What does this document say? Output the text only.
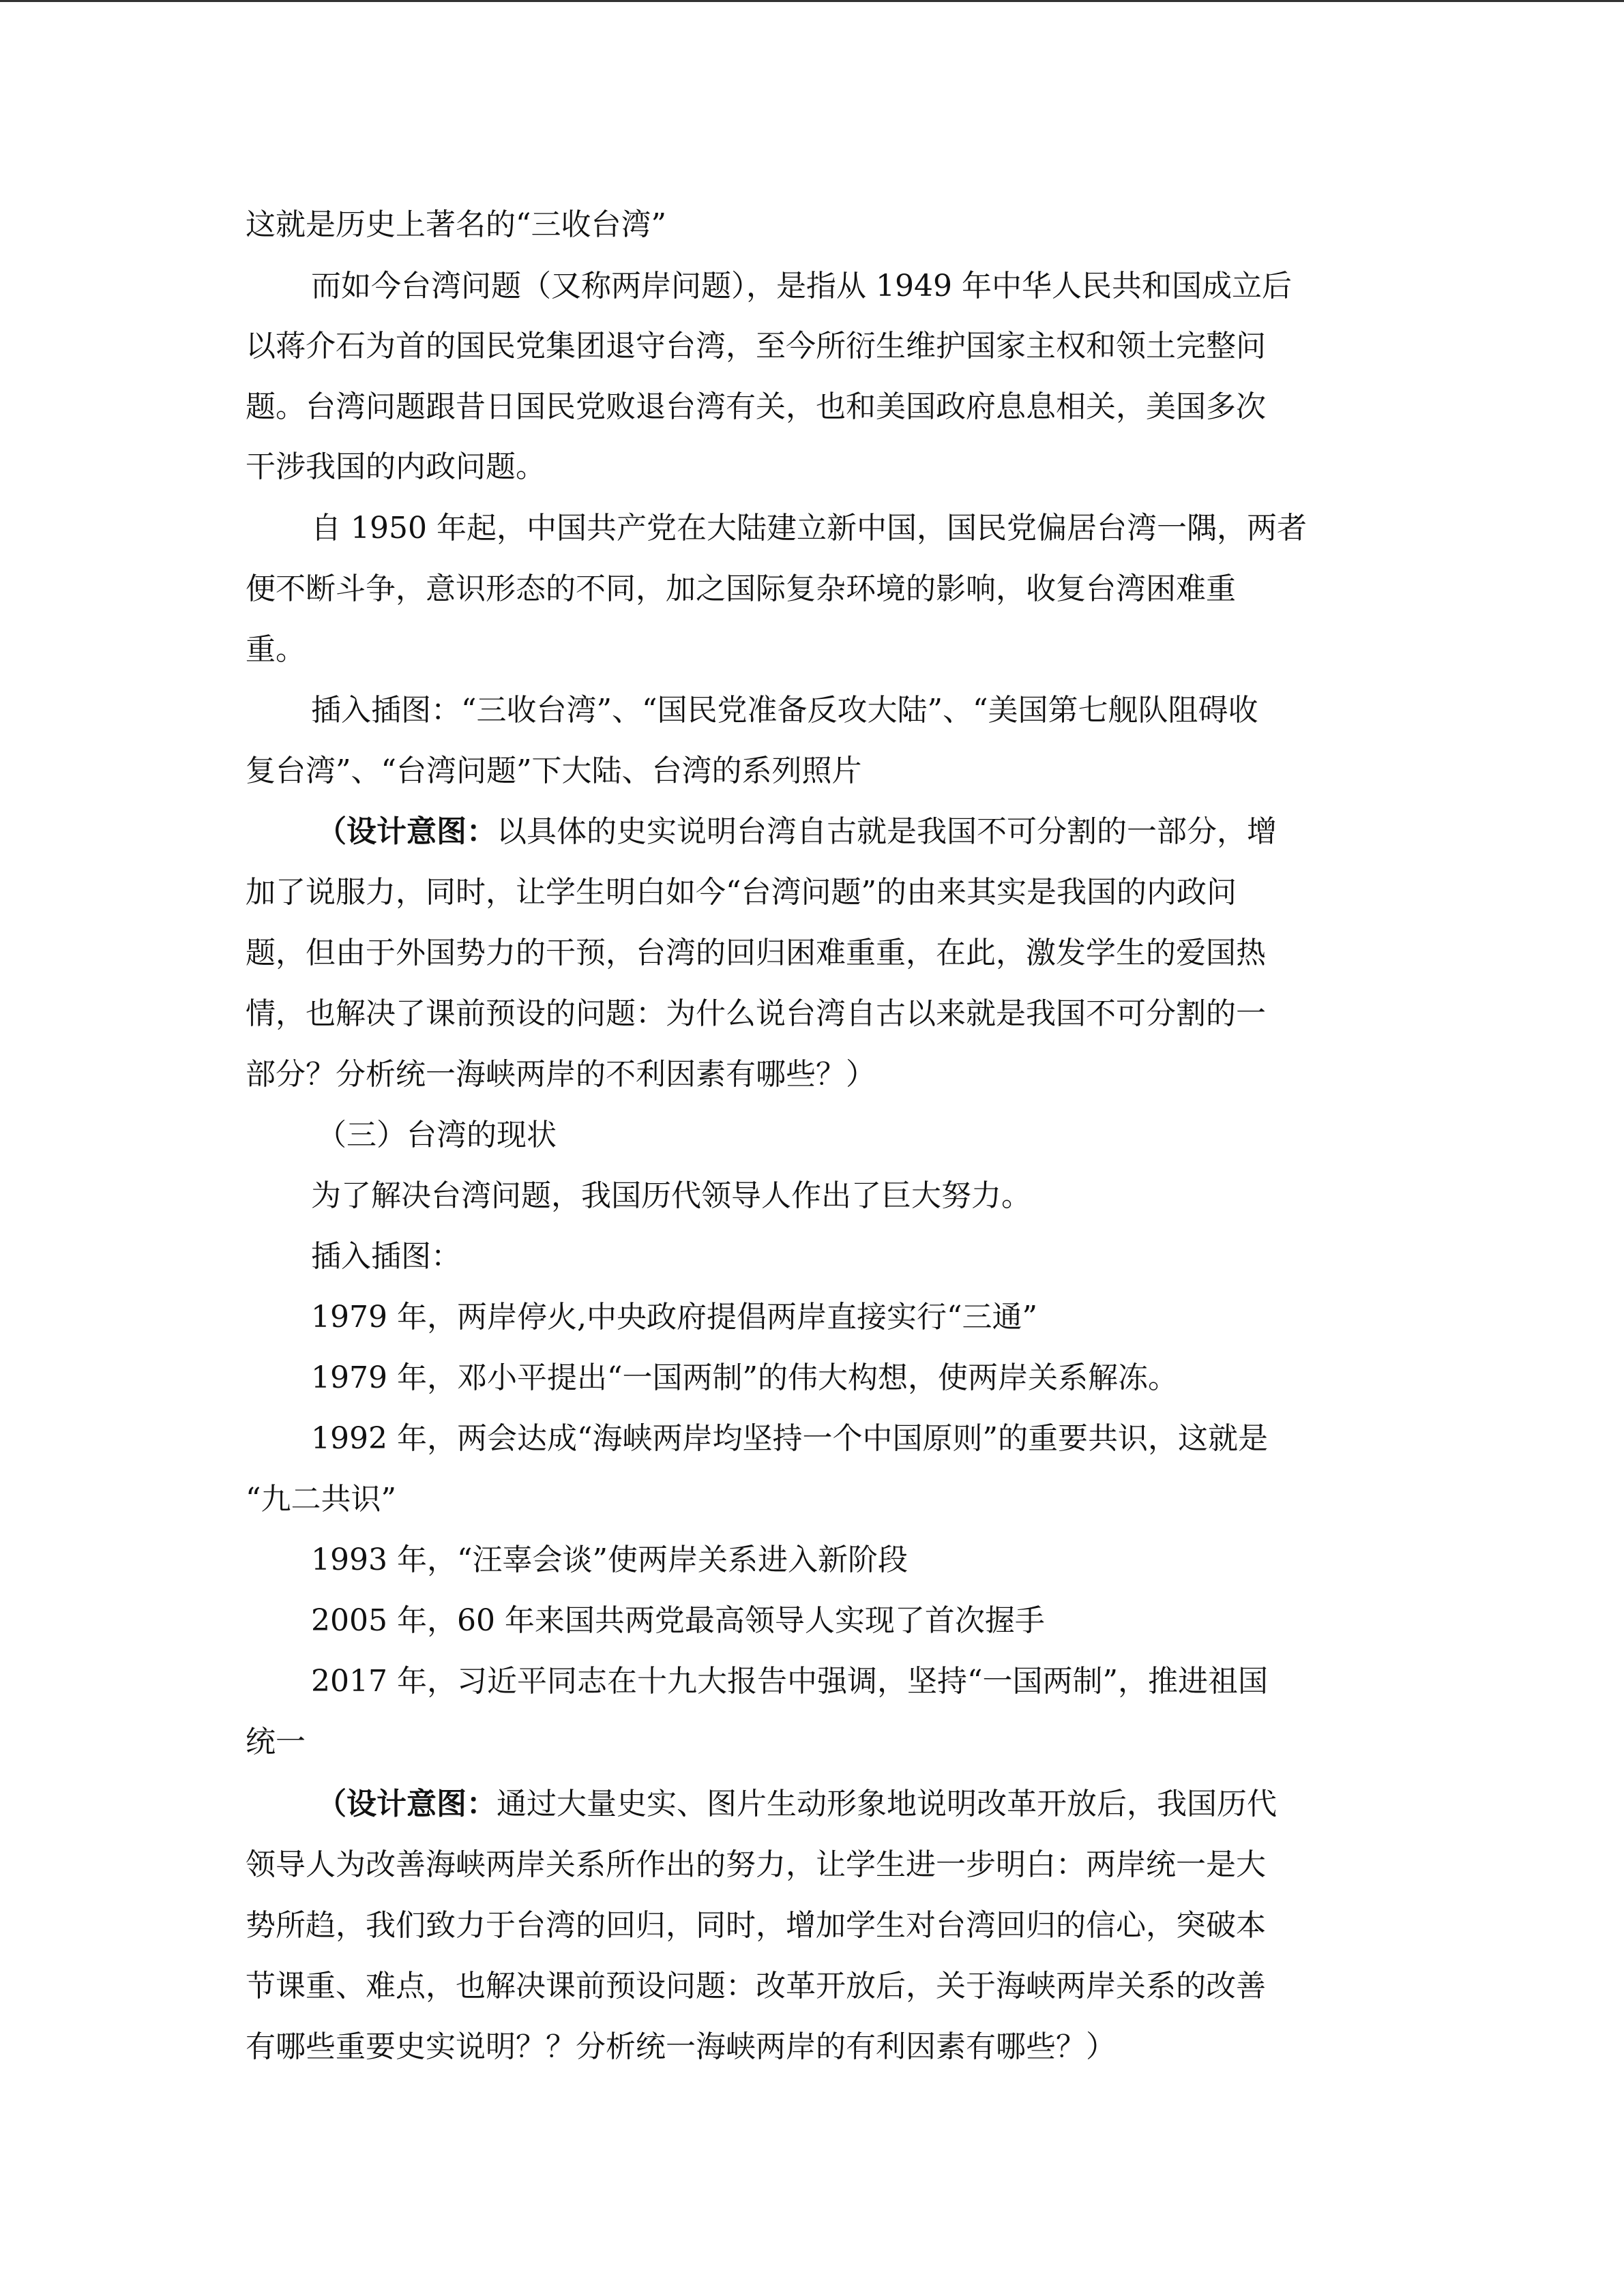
这就是历史上著名的“三收台湾”
而如今台湾问题（又称两岸问题），是指从 1949 年中华人民共和国成立后
以蒋介石为首的国民党集团退守台湾，至今所衍生维护国家主权和领土完整问
题。台湾问题跟昔日国民党败退台湾有关，也和美国政府息息相关，美国多次
干涉我国的内政问题。
自 1950 年起，中国共产党在大陆建立新中国，国民党偏居台湾一隅，两者
便不断斗争，意识形态的不同，加之国际复杂环境的影响，收复台湾困难重
重。
插入插图：“三收台湾”、“国民党准备反攻大陆”、“美国第七舰队阻碍收
复台湾”、“台湾问题”下大陆、台湾的系列照片
（设计意图：以具体的史实说明台湾自古就是我国不可分割的一部分，增
加了说服力，同时，让学生明白如今“台湾问题”的由来其实是我国的内政问
题，但由于外国势力的干预，台湾的回归困难重重，在此，激发学生的爱国热
情，也解决了课前预设的问题：为什么说台湾自古以来就是我国不可分割的一
部分？分析统一海峡两岸的不利因素有哪些？）
（三）台湾的现状
为了解决台湾问题，我国历代领导人作出了巨大努力。
插入插图：
1979 年，两岸停火,中央政府提倡两岸直接实行“三通”
1979 年，邓小平提出“一国两制”的伟大构想，使两岸关系解冻。
1992 年，两会达成“海峡两岸均坚持一个中国原则”的重要共识，这就是
“九二共识”
1993 年，“汪辜会谈”使两岸关系进入新阶段
2005 年，60 年来国共两党最高领导人实现了首次握手
2017 年，习近平同志在十九大报告中强调，坚持“一国两制”，推进祖国
统一
（设计意图：通过大量史实、图片生动形象地说明改革开放后，我国历代
领导人为改善海峡两岸关系所作出的努力，让学生进一步明白：两岸统一是大
势所趋，我们致力于台湾的回归，同时，增加学生对台湾回归的信心，突破本
节课重、难点，也解决课前预设问题：改革开放后，关于海峡两岸关系的改善
有哪些重要史实说明？？分析统一海峡两岸的有利因素有哪些？）
